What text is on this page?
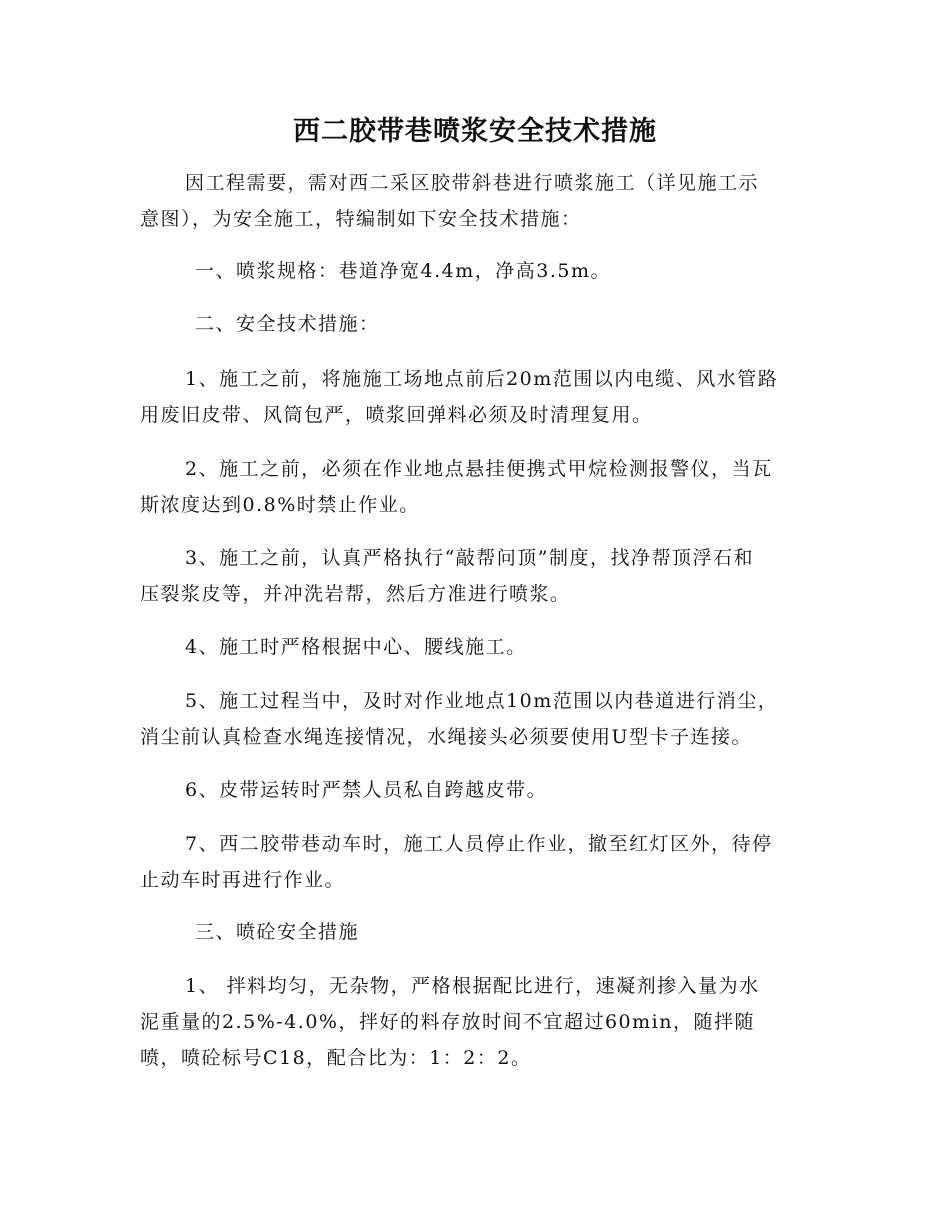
西二胶带巷喷浆安全技术措施

因工程需要，需对西二采区胶带斜巷进行喷浆施工（详见施工示
意图），为安全施工，特编制如下安全技术措施：

一、喷浆规格：巷道净宽4.4m，净高3.5m。

二、安全技术措施：

1、施工之前，将施施工场地点前后20m范围以内电缆、风水管路
用废旧皮带、风筒包严，喷浆回弹料必须及时清理复用。

2、施工之前，必须在作业地点悬挂便携式甲烷检测报警仪，当瓦
斯浓度达到0.8%时禁止作业。

3、施工之前，认真严格执行“敲帮问顶”制度，找净帮顶浮石和
压裂浆皮等，并冲洗岩帮，然后方准进行喷浆。

4、施工时严格根据中心、腰线施工。

5、施工过程当中，及时对作业地点10m范围以内巷道进行消尘，
消尘前认真检查水绳连接情况，水绳接头必须要使用U型卡子连接。

6、皮带运转时严禁人员私自跨越皮带。

7、西二胶带巷动车时，施工人员停止作业，撤至红灯区外，待停
止动车时再进行作业。

三、喷砼安全措施

1、 拌料均匀，无杂物，严格根据配比进行，速凝剂掺入量为水
泥重量的2.5%-4.0%，拌好的料存放时间不宜超过60min，随拌随
喷，喷砼标号C18，配合比为：1：2：2。
